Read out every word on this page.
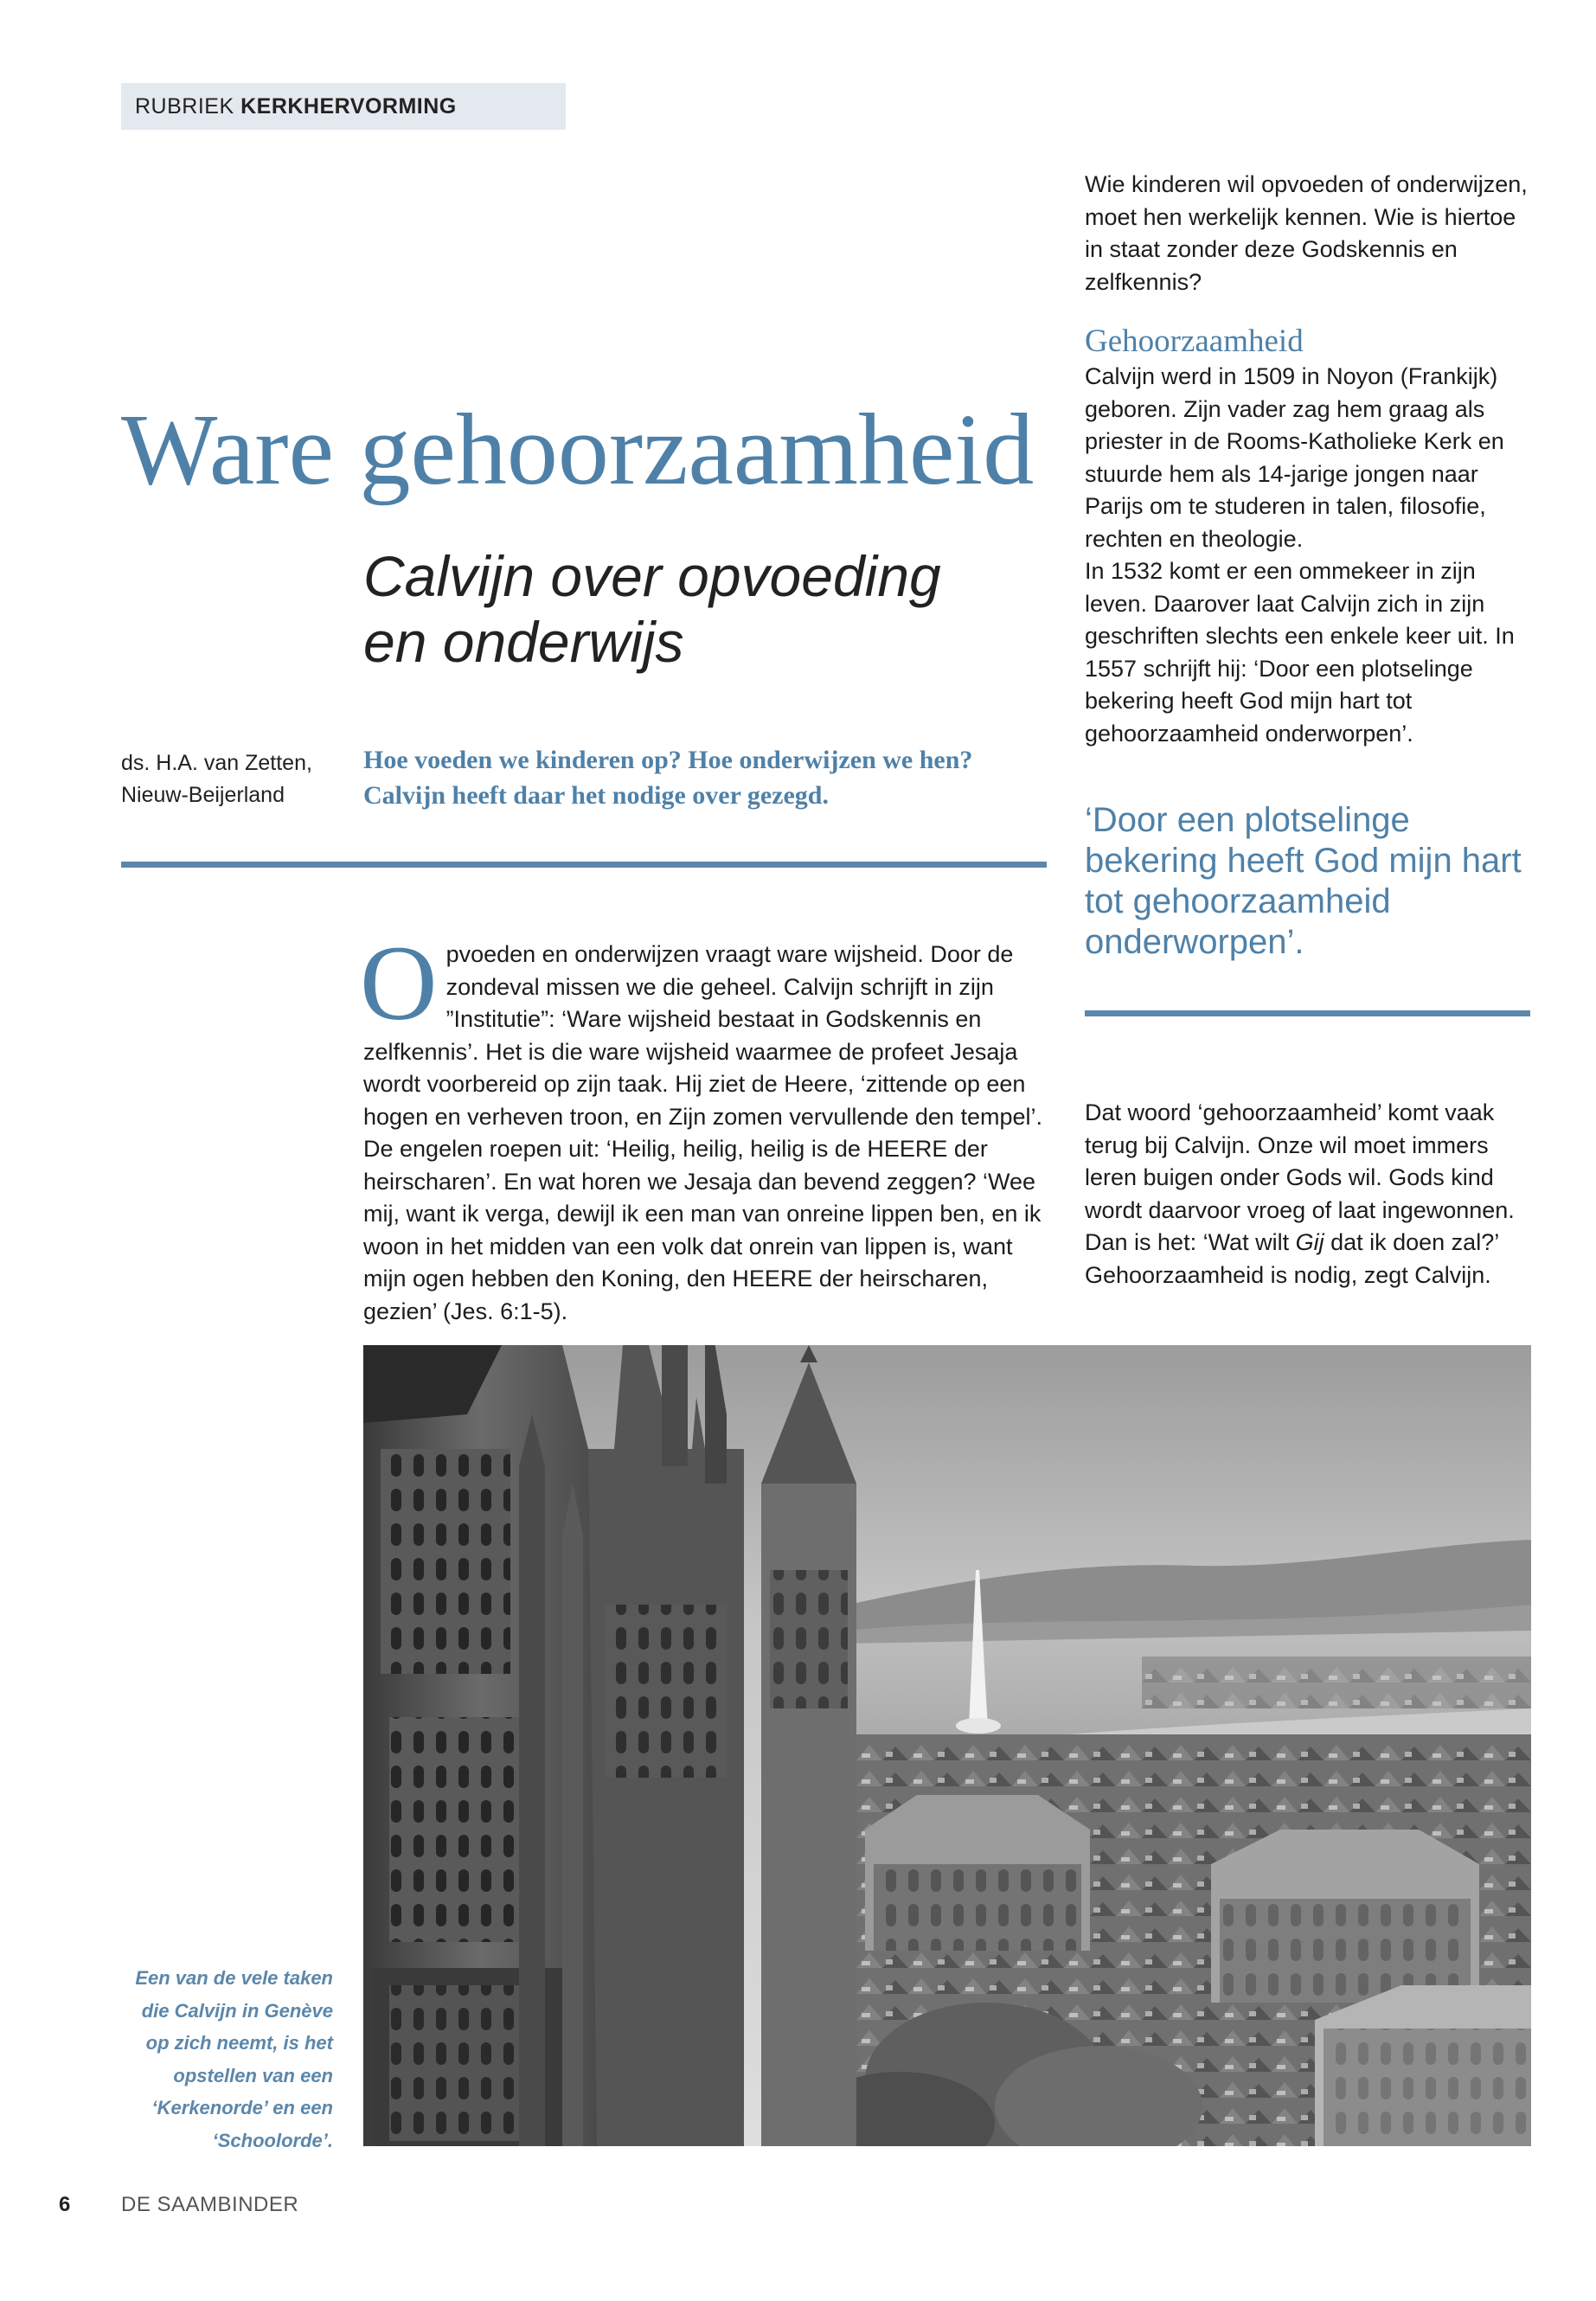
RUBRIEK KERKHERVORMING
Wie kinderen wil opvoeden of onderwijzen, moet hen werkelijk kennen. Wie is hiertoe in staat zonder deze Godskennis en zelfkennis?
Ware gehoorzaamheid
Gehoorzaamheid

Calvijn werd in 1509 in Noyon (Frankijk) geboren. Zijn vader zag hem graag als priester in de Rooms-Katholieke Kerk en stuurde hem als 14-jarige jongen naar Parijs om te studeren in talen, filosofie, rechten en theologie.

In 1532 komt er een ommekeer in zijn leven. Daarover laat Calvijn zich in zijn geschriften slechts een enkele keer uit. In 1557 schrijft hij: ‘Door een plotselinge bekering heeft God mijn hart tot gehoorzaamheid onderworpen’.

Calvijn over opvoeding
en onderwijs
ds. H.A. van Zetten,
Nieuw-Beijerland
Hoe voeden we kinderen op? Hoe onderwijzen we hen? Calvijn heeft daar het nodige over gezegd.
‘Door een plotselinge bekering heeft God mijn hart tot gehoorzaamheid onderworpen’.
Opvoeden en onderwijzen vraagt ware wijsheid. Door de zondeval missen we die geheel. Calvijn schrijft in zijn ”Institutie”: ‘Ware wijsheid bestaat in Godskennis en zelfkennis’. Het is die ware wijsheid waarmee de profeet Jesaja wordt voorbereid op zijn taak. Hij ziet de Heere, ‘zittende op een hogen en verheven troon, en Zijn zomen vervullende den tempel’. De engelen roepen uit: ‘Heilig, heilig, heilig is de HEERE der heirscharen’. En wat horen we Jesaja dan bevend zeggen? ‘Wee mij, want ik verga, dewijl ik een man van onreine lippen ben, en ik woon in het midden van een volk dat onrein van lippen is, want mijn ogen hebben den Koning, den HEERE der heirscharen, gezien’ (Jes. 6:1-5).
Dat woord ‘gehoorzaamheid’ komt vaak terug bij Calvijn. Onze wil moet immers leren buigen onder Gods wil. Gods kind wordt daarvoor vroeg of laat ingewonnen. Dan is het: ‘Wat wilt Gij dat ik doen zal?’ Gehoorzaamheid is nodig, zegt Calvijn.
Een van de vele taken die Calvijn in Genève op zich neemt, is het opstellen van een ‘Kerkenorde’ en een ‘Schoolorde’.
6 DE SAAMBINDER
